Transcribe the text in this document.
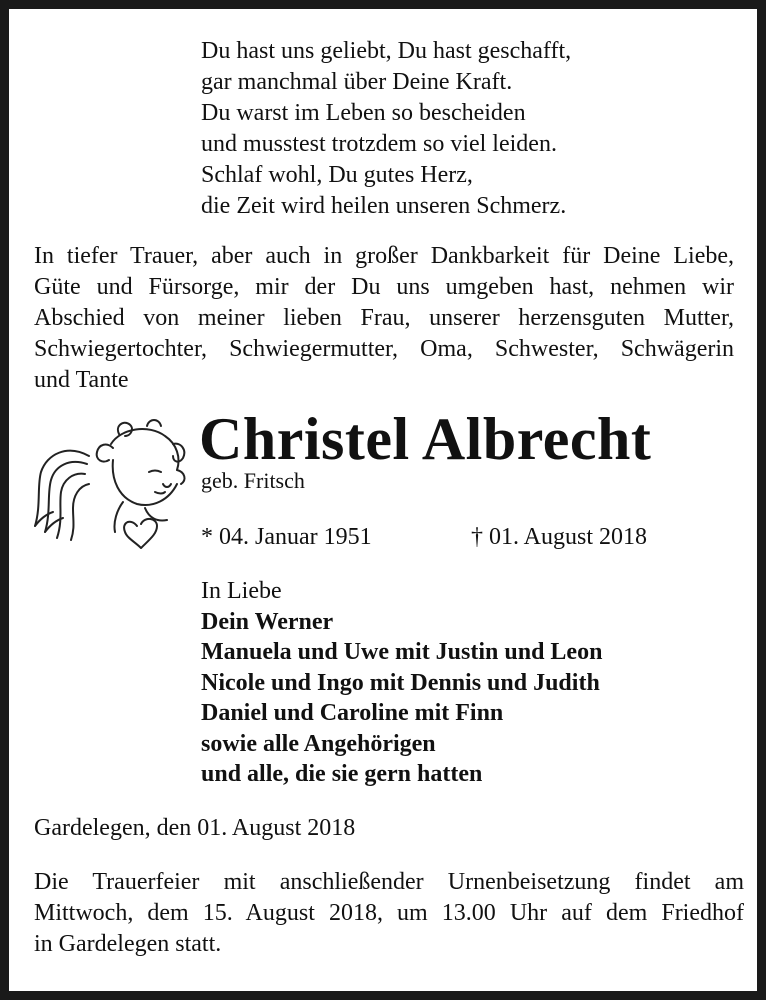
Du hast uns geliebt, Du hast geschafft,
gar manchmal über Deine Kraft.
Du warst im Leben so bescheiden
und musstest trotzdem so viel leiden.
Schlaf wohl, Du gutes Herz,
die Zeit wird heilen unseren Schmerz.
In tiefer Trauer, aber auch in großer Dankbarkeit für Deine Liebe,
Güte und Fürsorge, mir der Du uns umgeben hast, nehmen wir
Abschied von meiner lieben Frau, unserer herzensguten Mutter,
Schwiegertochter, Schwiegermutter, Oma, Schwester, Schwägerin
und Tante
Christel Albrecht
geb. Fritsch
* 04. Januar 1951	† 01. August 2018
In Liebe
Dein Werner
Manuela und Uwe mit Justin und Leon
Nicole und Ingo mit Dennis und Judith
Daniel und Caroline mit Finn
sowie alle Angehörigen
und alle, die sie gern hatten
Gardelegen, den 01. August 2018
Die Trauerfeier mit anschließender Urnenbeisetzung findet am
Mittwoch, dem 15. August 2018, um 13.00 Uhr auf dem Friedhof
in Gardelegen statt.
